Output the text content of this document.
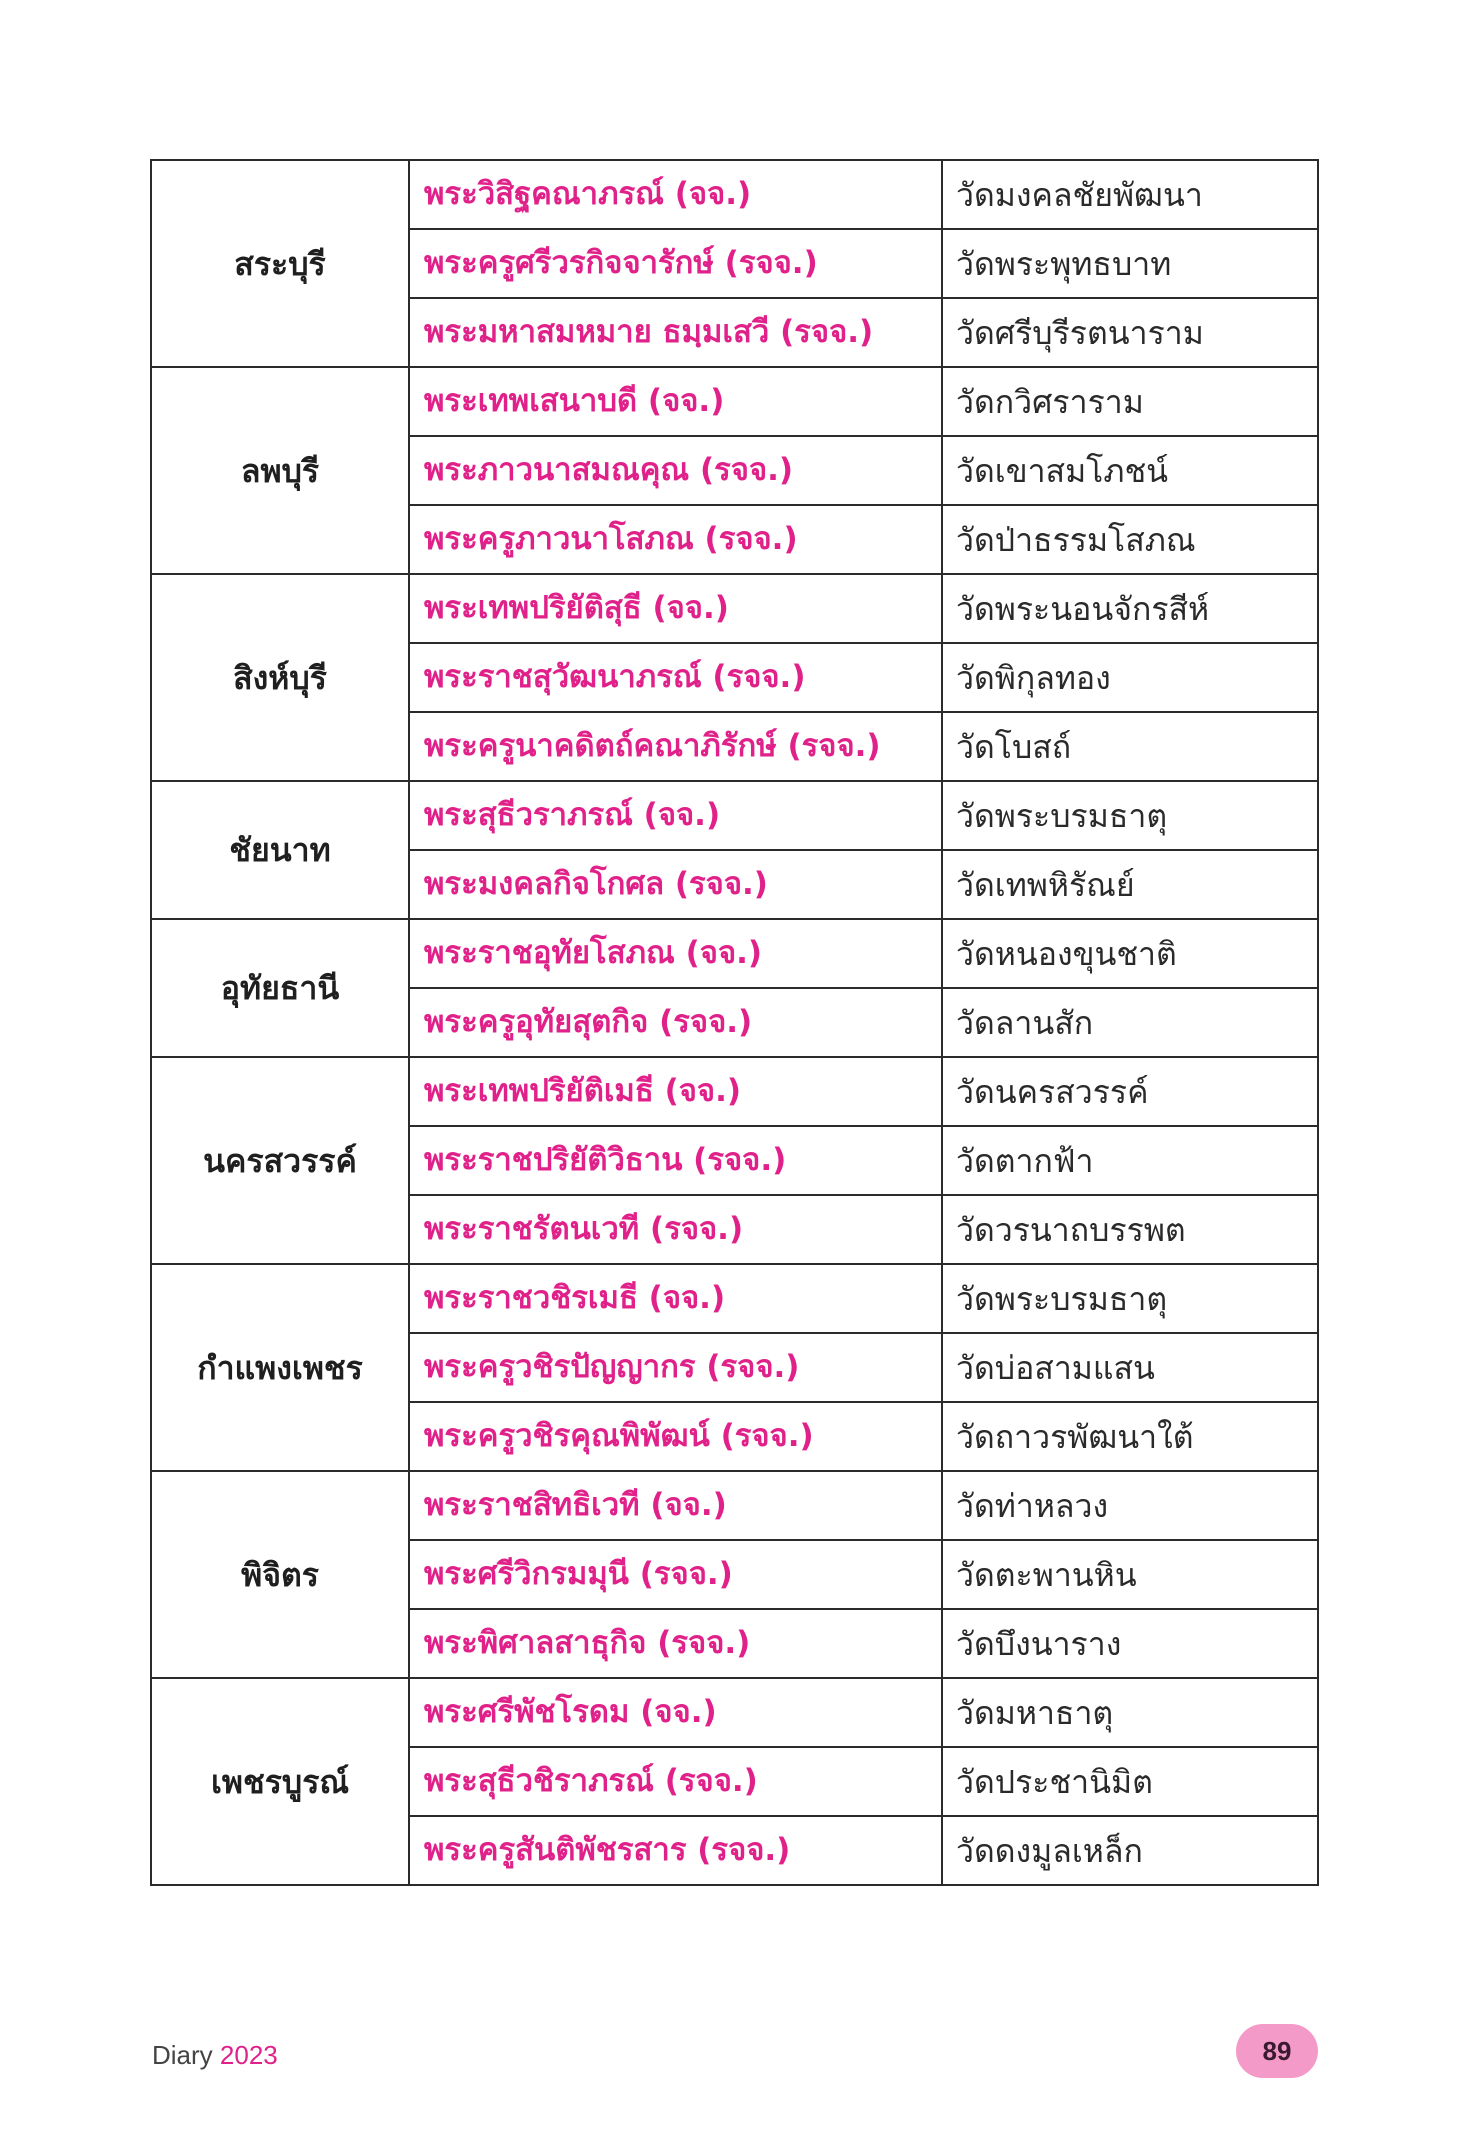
สระบุรี	พระวิสิฐคณาภรณ์ (จจ.)	วัดมงคลชัยพัฒนา
	พระครูศรีวรกิจจารักษ์ (รจจ.)	วัดพระพุทธบาท
	พระมหาสมหมาย ธมฺมเสวี (รจจ.)	วัดศรีบุรีรตนาราม
ลพบุรี	พระเทพเสนาบดี (จจ.)	วัดกวิศราราม
	พระภาวนาสมณคุณ (รจจ.)	วัดเขาสมโภชน์
	พระครูภาวนาโสภณ (รจจ.)	วัดป่าธรรมโสภณ
สิงห์บุรี	พระเทพปริยัติสุธี (จจ.)	วัดพระนอนจักรสีห์
	พระราชสุวัฒนาภรณ์ (รจจ.)	วัดพิกุลทอง
	พระครูนาคดิตถ์คณาภิรักษ์ (รจจ.)	วัดโบสถ์
ชัยนาท	พระสุธีวราภรณ์ (จจ.)	วัดพระบรมธาตุ
	พระมงคลกิจโกศล (รจจ.)	วัดเทพหิรัณย์
อุทัยธานี	พระราชอุทัยโสภณ (จจ.)	วัดหนองขุนชาติ
	พระครูอุทัยสุตกิจ (รจจ.)	วัดลานสัก
นครสวรรค์	พระเทพปริยัติเมธี (จจ.)	วัดนครสวรรค์
	พระราชปริยัติวิธาน (รจจ.)	วัดตากฟ้า
	พระราชรัตนเวที (รจจ.)	วัดวรนาถบรรพต
กำแพงเพชร	พระราชวชิรเมธี (จจ.)	วัดพระบรมธาตุ
	พระครูวชิรปัญญากร (รจจ.)	วัดบ่อสามแสน
	พระครูวชิรคุณพิพัฒน์ (รจจ.)	วัดถาวรพัฒนาใต้
พิจิตร	พระราชสิทธิเวที (จจ.)	วัดท่าหลวง
	พระศรีวิกรมมุนี (รจจ.)	วัดตะพานหิน
	พระพิศาลสาธุกิจ (รจจ.)	วัดบึงนาราง
เพชรบูรณ์	พระศรีพัชโรดม (จจ.)	วัดมหาธาตุ
	พระสุธีวชิราภรณ์ (รจจ.)	วัดประชานิมิต
	พระครูสันติพัชรสาร (รจจ.)	วัดดงมูลเหล็ก
Diary 2023	89
